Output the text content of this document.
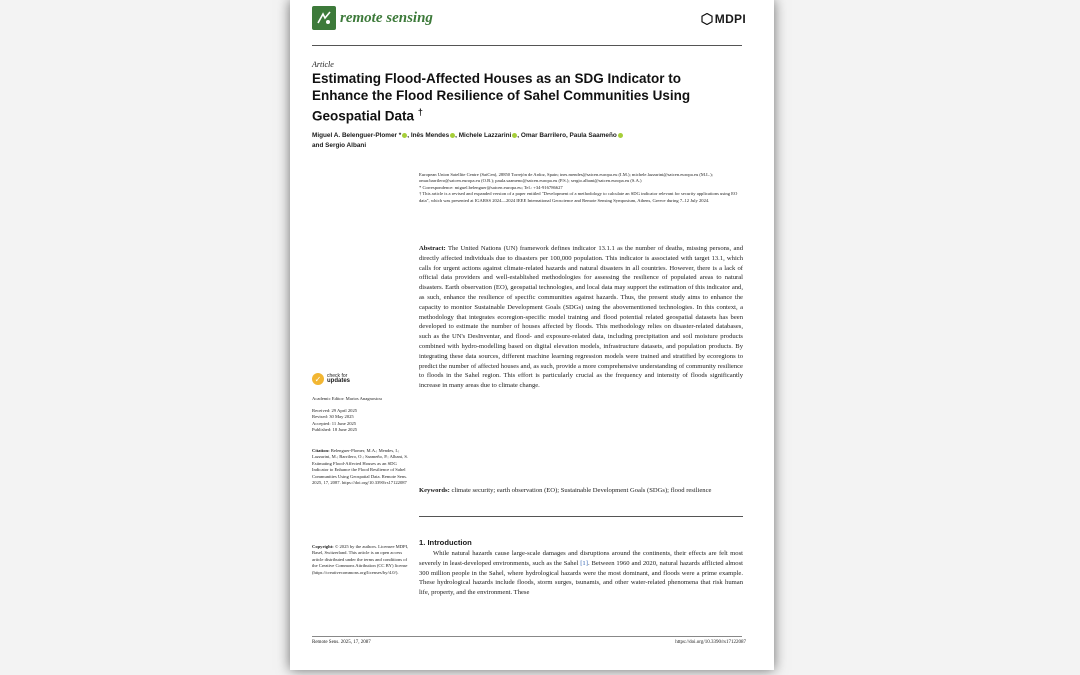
remote sensing	MDPI
Article
Estimating Flood-Affected Houses as an SDG Indicator to Enhance the Flood Resilience of Sahel Communities Using Geospatial Data †
Miguel A. Belenguer-Plomer * , Inês Mendes , Michele Lazzarini , Omar Barrilero, Paula Saameño
and Sergio Albani
European Union Satellite Centre (SatCen), 28850 Torrejón de Ardoz, Spain; ines.mendes@satcen.europa.eu (I.M.); michele.lazzarini@satcen.europa.eu (M.L.); omar.barrilero@satcen.europa.eu (O.B.); paula.saameno@satcen.europa.eu (P.S.); sergio.albani@satcen.europa.eu (S.A.)
* Correspondence: miguel.belenguer@satcen.europa.eu; Tel.: +34-916786627
† This article is a revised and expanded version of a paper entitled "Development of a methodology to calculate an SDG indicator relevant for security applications using EO data", which was presented at IGARSS 2024—2024 IEEE International Geoscience and Remote Sensing Symposium, Athens, Greece during 7–12 July 2024.
Abstract: The United Nations (UN) framework defines indicator 13.1.1 as the number of deaths, missing persons, and directly affected individuals due to disasters per 100,000 population. This indicator is associated with target 13.1, which calls for urgent actions against climate-related hazards and natural disasters in all countries. However, there is a lack of official data providers and well-established methodologies for assessing the resilience of populated areas to natural disasters. Earth observation (EO), geospatial technologies, and local data may support the estimation of this indicator and, as such, enhance the resilience of specific communities against hazards. Thus, the present study aims to enhance the capacity to monitor Sustainable Development Goals (SDGs) using the abovementioned technologies. In this context, a methodology that integrates ecoregion-specific model training and flood potential related geospatial datasets has been developed to estimate the number of houses affected by floods. This methodology relies on disaster-related databases, such as the UN's DesInventar, and flood- and exposure-related data, including precipitation and soil moisture products combined with hydro-modelling based on digital elevation models, infrastructure datasets, and population products. By integrating these data sources, different machine learning regression models were trained and stratified by ecoregions to predict the number of affected houses and, as such, provide a more comprehensive understanding of community resilience to floods in the Sahel region. This effort is particularly crucial as the frequency and intensity of floods significantly increase in many areas due to climate change.
Keywords: climate security; earth observation (EO); Sustainable Development Goals (SDGs); flood resilience
1. Introduction
While natural hazards cause large-scale damages and disruptions around the continents, their effects are felt most severely in least-developed environments, such as the Sahel [1]. Between 1960 and 2020, natural hazards afflicted almost 300 million people in the Sahel, where hydrological hazards were the most dominant, and floods were a prime example. These hydrological hazards include floods, storm surges, tsunamis, and other water-related phenomena that risk human life, property, and the environment. These
✓	check for
updates
Academic Editor: Marios Anagnostou
Received: 29 April 2025
Revised: 30 May 2025
Accepted: 11 June 2025
Published: 18 June 2025
Citation: Belenguer-Plomer, M.A.; Mendes, I.; Lazzarini, M.; Barrilero, O.; Saameño, P.; Albani, S. Estimating Flood-Affected Houses as an SDG Indicator to Enhance the Flood Resilience of Sahel Communities Using Geospatial Data. Remote Sens. 2025, 17, 2087. https://doi.org/10.3390/rs17122087
Copyright: © 2025 by the authors. Licensee MDPI, Basel, Switzerland. This article is an open access article distributed under the terms and conditions of the Creative Commons Attribution (CC BY) license (https://creativecommons.org/licenses/by/4.0/).
Remote Sens. 2025, 17, 2087	https://doi.org/10.3390/rs17122087
